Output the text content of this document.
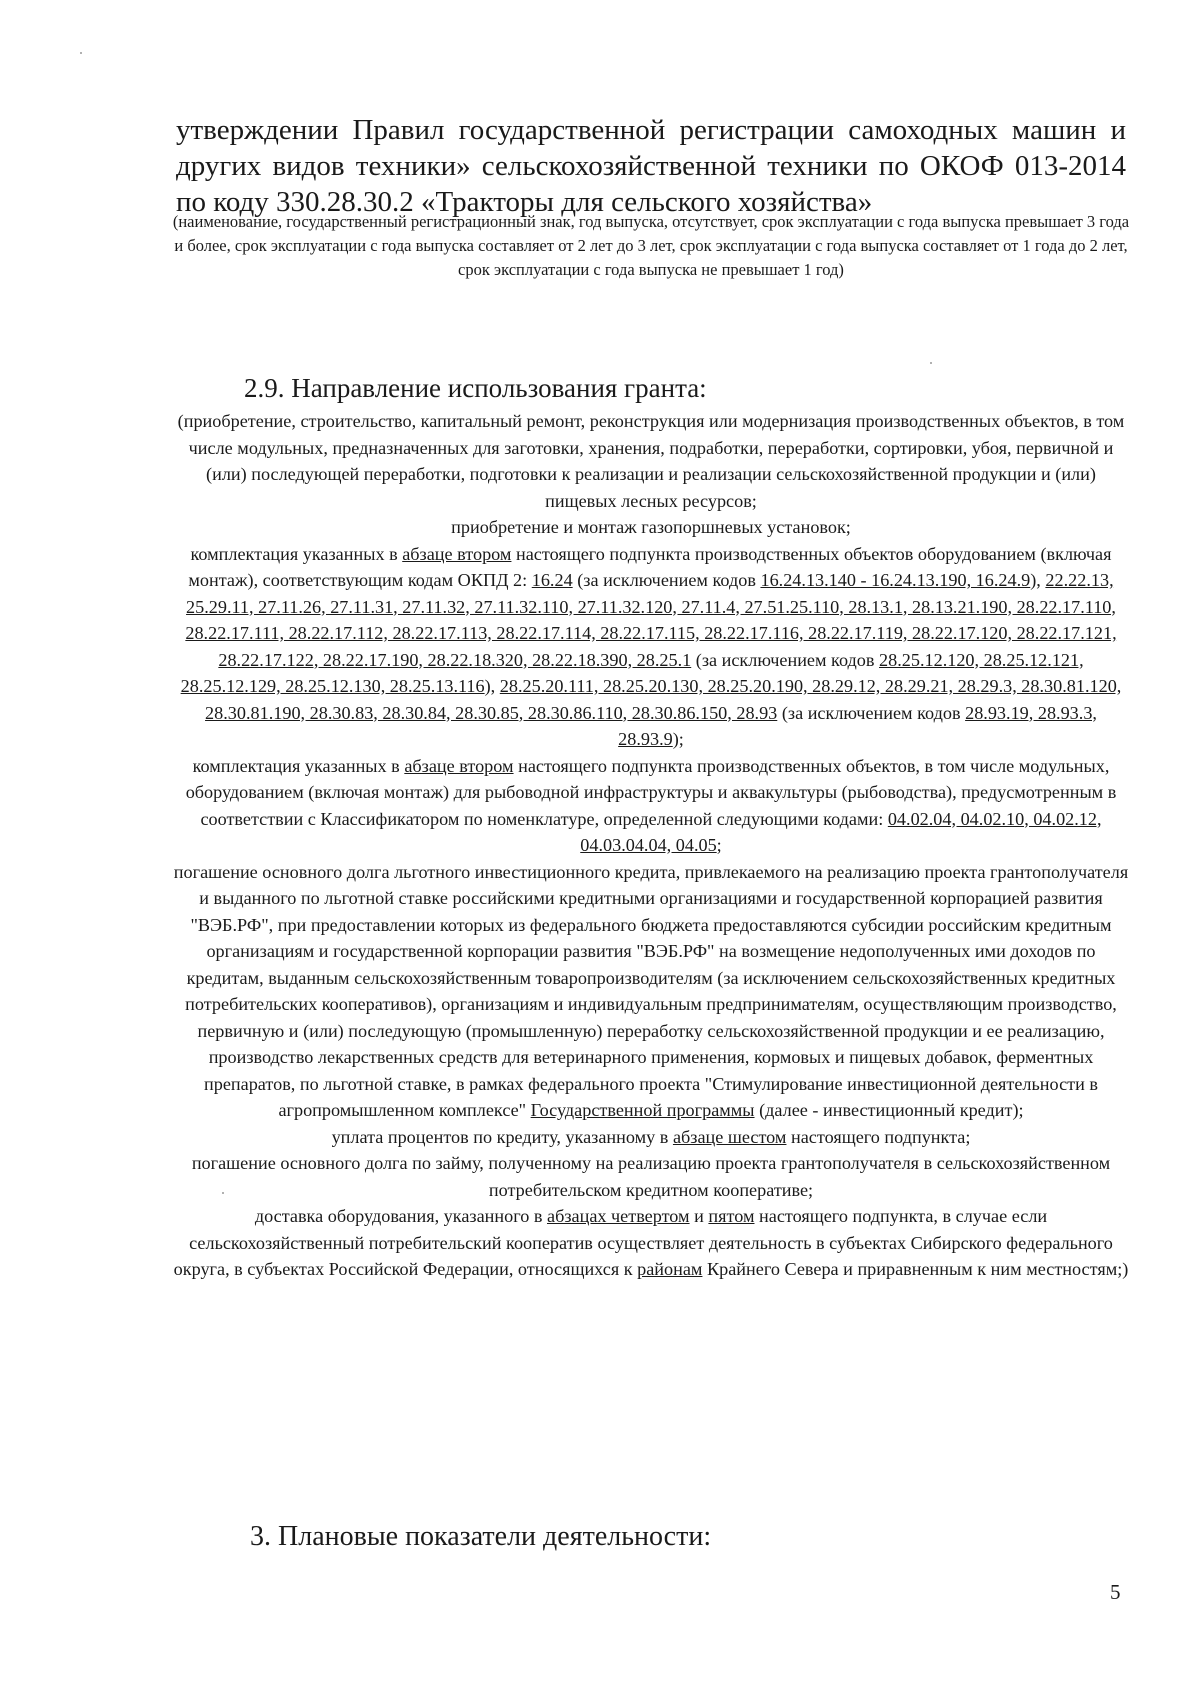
утверждении Правил государственной регистрации самоходных машин и других видов техники» сельскохозяйственной техники по ОКОФ 013-2014 по коду 330.28.30.2 «Тракторы для сельского хозяйства»
(наименование, государственный регистрационный знак, год выпуска, отсутствует, срок эксплуатации с года выпуска превышает 3 года и более, срок эксплуатации с года выпуска составляет от 2 лет до 3 лет, срок эксплуатации с года выпуска составляет от 1 года до 2 лет, срок эксплуатации с года выпуска не превышает 1 год)
2.9. Направление использования гранта:

(приобретение, строительство, капитальный ремонт, реконструкция или модернизация производственных объектов, в том числе модульных, предназначенных для заготовки, хранения, подработки, переработки, сортировки, убоя, первичной и (или) последующей переработки, подготовки к реализации и реализации сельскохозяйственной продукции и (или) пищевых лесных ресурсов;

приобретение и монтаж газопоршневых установок;

комплектация указанных в абзаце втором настоящего подпункта производственных объектов оборудованием (включая монтаж), соответствующим кодам ОКПД 2: 16.24 (за исключением кодов 16.24.13.140 - 16.24.13.190, 16.24.9), 22.22.13, 25.29.11, 27.11.26, 27.11.31, 27.11.32, 27.11.32.110, 27.11.32.120, 27.11.4, 27.51.25.110, 28.13.1, 28.13.21.190, 28.22.17.110, 28.22.17.111, 28.22.17.112, 28.22.17.113, 28.22.17.114, 28.22.17.115, 28.22.17.116, 28.22.17.119, 28.22.17.120, 28.22.17.121, 28.22.17.122, 28.22.17.190, 28.22.18.320, 28.22.18.390, 28.25.1 (за исключением кодов 28.25.12.120, 28.25.12.121, 28.25.12.129, 28.25.12.130, 28.25.13.116), 28.25.20.111, 28.25.20.130, 28.25.20.190, 28.29.12, 28.29.21, 28.29.3, 28.30.81.120, 28.30.81.190, 28.30.83, 28.30.84, 28.30.85, 28.30.86.110, 28.30.86.150, 28.93 (за исключением кодов 28.93.19, 28.93.3, 28.93.9);

комплектация указанных в абзаце втором настоящего подпункта производственных объектов, в том числе модульных, оборудованием (включая монтаж) для рыбоводной инфраструктуры и аквакультуры (рыбоводства), предусмотренным в соответствии с Классификатором по номенклатуре, определенной следующими кодами: 04.02.04, 04.02.10, 04.02.12, 04.03.04.04, 04.05;

погашение основного долга льготного инвестиционного кредита, привлекаемого на реализацию проекта грантополучателя и выданного по льготной ставке российскими кредитными организациями и государственной корпорацией развития "ВЭБ.РФ", при предоставлении которых из федерального бюджета предоставляются субсидии российским кредитным организациям и государственной корпорации развития "ВЭБ.РФ" на возмещение недополученных ими доходов по кредитам, выданным сельскохозяйственным товаропроизводителям (за исключением сельскохозяйственных кредитных потребительских кооперативов), организациям и индивидуальным предпринимателям, осуществляющим производство, первичную и (или) последующую (промышленную) переработку сельскохозяйственной продукции и ее реализацию, производство лекарственных средств для ветеринарного применения, кормовых и пищевых добавок, ферментных препаратов, по льготной ставке, в рамках федерального проекта "Стимулирование инвестиционной деятельности в агропромышленном комплексе" Государственной программы (далее - инвестиционный кредит);

уплата процентов по кредиту, указанному в абзаце шестом настоящего подпункта;

погашение основного долга по займу, полученному на реализацию проекта грантополучателя в сельскохозяйственном потребительском кредитном кооперативе;

доставка оборудования, указанного в абзацах четвертом и пятом настоящего подпункта, в случае если сельскохозяйственный потребительский кооператив осуществляет деятельность в субъектах Сибирского федерального округа, в субъектах Российской Федерации, относящихся к районам Крайнего Севера и приравненным к ним местностям;)

3. Плановые показатели деятельности:
5
